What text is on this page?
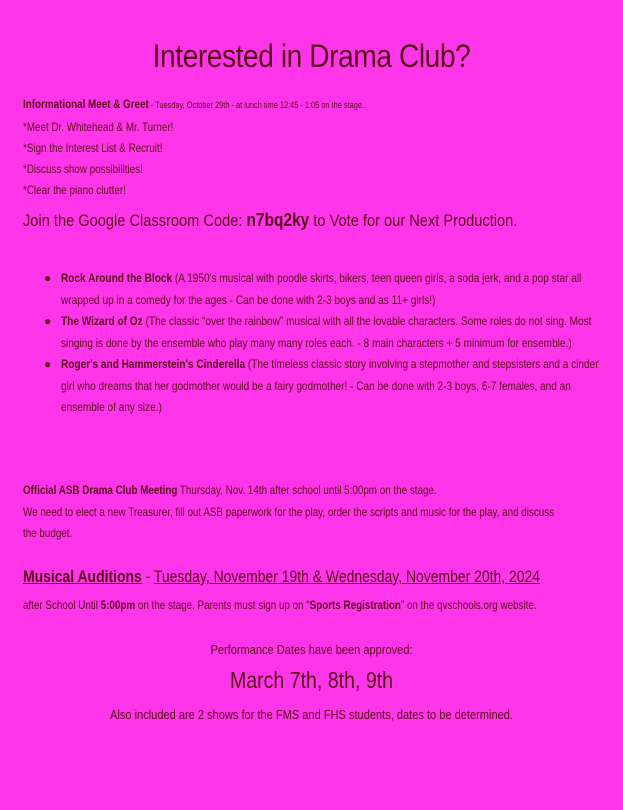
Interested in Drama Club?
Informational Meet & Greet - Tuesday, October 29th - at lunch time 12:45 - 1:05 on the stage.
*Meet Dr. Whitehead & Mr. Turner!
*Sign the Interest List & Recruit!
*Discuss show possibilities!
*Clear the piano clutter!
Join the Google Classroom Code: n7bq2ky to Vote for our Next Production.
● Rock Around the Block (A 1950's musical with poodle skirts, bikers, teen queen girls, a soda jerk, and a pop star all wrapped up in a comedy for the ages - Can be done with 2-3 boys and as 11+ girls!)
● The Wizard of Oz (The classic “over the rainbow” musical with all the lovable characters. Some roles do not sing. Most singing is done by the ensemble who play many many roles each. - 8 main characters + 5 minimum for ensemble.)
● Roger's and Hammerstein's Cinderella (The timeless classic story involving a stepmother and stepsisters and a cinder girl who dreams that her godmother would be a fairy godmother! - Can be done with 2-3 boys, 6-7 females, and an ensemble of any size.)
Official ASB Drama Club Meeting Thursday, Nov. 14th after school until 5:00pm on the stage.
We need to elect a new Treasurer, fill out ASB paperwork for the play, order the scripts and music for the play, and discuss
the budget.
Musical Auditions - Tuesday, November 19th & Wednesday, November 20th, 2024
after School Until 5:00pm on the stage. Parents must sign up on “Sports Registration” on the qvschools.org website.
Performance Dates have been approved:
March 7th, 8th, 9th
Also included are 2 shows for the FMS and FHS students, dates to be determined.
